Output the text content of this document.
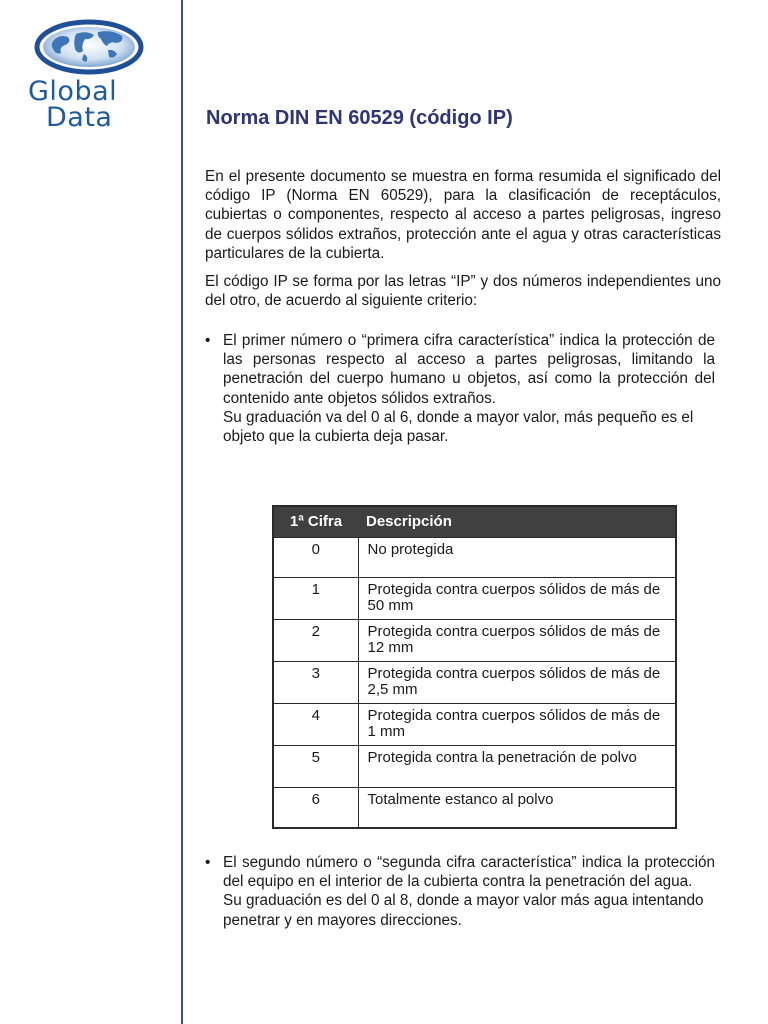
Global
Data	Norma DIN EN 60529 (código IP)

En el presente documento se muestra en forma resumida el significado del código IP (Norma EN 60529), para la clasificación de receptáculos, cubiertas o componentes, respecto al acceso a partes peligrosas, ingreso de cuerpos sólidos extraños, protección ante el agua y otras características particulares de la cubierta.

El código IP se forma por las letras “IP” y dos números independientes uno del otro, de acuerdo al siguiente criterio:

• El primer número o “primera cifra característica” indica la protección de las personas respecto al acceso a partes peligrosas, limitando la penetración del cuerpo humano u objetos, así como la protección del contenido ante objetos sólidos extraños.
Su graduación va del 0 al 6, donde a mayor valor, más pequeño es el objeto que la cubierta deja pasar.
1ª Cifra	Descripción
0	No protegida
1	Protegida contra cuerpos sólidos de más de 50 mm
2	Protegida contra cuerpos sólidos de más de 12 mm
3	Protegida contra cuerpos sólidos de más de 2,5 mm
4	Protegida contra cuerpos sólidos de más de 1 mm
5	Protegida contra la penetración de polvo
6	Totalmente estanco al polvo
• El segundo número o “segunda cifra característica” indica la protección del equipo en el interior de la cubierta contra la penetración del agua.
Su graduación es del 0 al 8, donde a mayor valor más agua intentando penetrar y en mayores direcciones.
